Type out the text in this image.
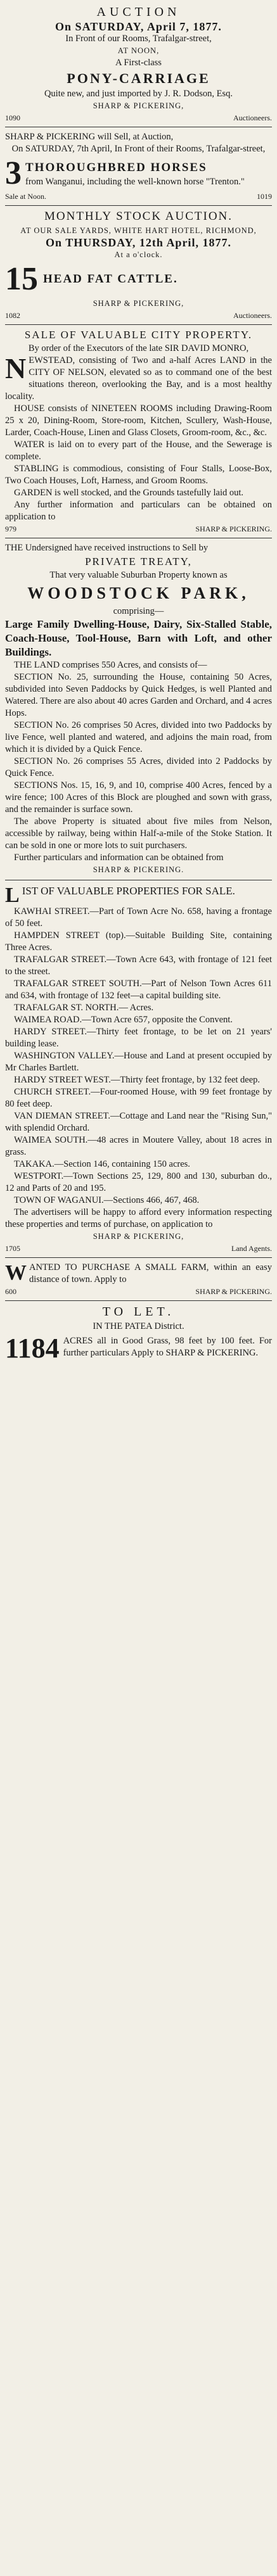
AUCTION

On SATURDAY, April 7, 1877.

In Front of our Rooms, Trafalgar-street,

AT NOON,

A First-class

PONY-CARRIAGE

Quite new, and just imported by J. R. Dodson, Esq.

SHARP & PICKERING,

1090	Auctioneers.

SHARP & PICKERING will Sell, at Auction,

On SATURDAY, 7th April, In Front of their Rooms, Trafalgar-street,

3 THOROUGHBRED HORSES

from Wanganui, including the well-known horse "Trenton."

Sale at Noon.	1019
MONTHLY STOCK AUCTION.

AT OUR SALE YARDS, WHITE HART HOTEL, RICHMOND,

On THURSDAY, 12th April, 1877.

At a o'clock.

15 HEAD FAT CATTLE.

SHARP & PICKERING,

1082	Auctioneers.
SALE OF VALUABLE CITY PROPERTY.

By order of the Executors of the late SIR DAVID MONRO,

NEWSTEAD, consisting of Two and a-half Acres LAND in the CITY OF NELSON, elevated so as to command one of the best situations thereon, overlooking the Bay, and is a most healthy locality.

HOUSE consists of NINETEEN ROOMS including Drawing-Room 25 x 20, Dining-Room, Store-room, Kitchen, Scullery, Wash-House, Larder, Coach-House, Linen and Glass Closets, Groom-room, &c., &c.

WATER is laid on to every part of the House, and the Sewerage is complete.

STABLING is commodious, consisting of Four Stalls, Loose-Box, Two Coach Houses, Loft, Harness, and Groom Rooms.

GARDEN is well stocked, and the Grounds tastefully laid out.

Any further information and particulars can be obtained on application to

979	SHARP & PICKERING.

THE Undersigned have received instructions to Sell by

PRIVATE TREATY,

That very valuable Suburban Property known as

WOODSTOCK PARK,

comprising—

Large Family Dwelling-House, Dairy, Six-Stalled Stable, Coach-House, Tool-House, Barn with Loft, and other Buildings.

THE LAND comprises 550 Acres, and consists of—

SECTION No. 25, surrounding the House, containing 50 Acres, subdivided into Seven Paddocks by Quick Hedges, is well Planted and Watered. There are also about 40 acres Garden and Orchard, and 4 acres Hops.

SECTION No. 26 comprises 50 Acres, divided into two Paddocks by live Fence, well planted and watered, and adjoins the main road, from which it is divided by a Quick Fence.

SECTION No. 26 comprises 55 Acres, divided into 2 Paddocks by Quick Fence.

SECTIONS Nos. 15, 16, 9, and 10, comprise 400 Acres, fenced by a wire fence; 100 Acres of this Block are ploughed and sown with grass, and the remainder is surface sown.

The above Property is situated about five miles from Nelson, accessible by railway, being within Half-a-mile of the Stoke Station. It can be sold in one or more lots to suit purchasers.

Further particulars and information can be obtained from

SHARP & PICKERING.

LIST OF VALUABLE PROPERTIES FOR SALE.

KAWHAI STREET.—Part of Town Acre No. 658, having a frontage of 50 feet.

HAMPDEN STREET (top).—Suitable Building Site, containing Three Acres.

TRAFALGAR STREET.—Town Acre 643, with frontage of 121 feet to the street.

TRAFALGAR STREET SOUTH.—Part of Nelson Town Acres 611 and 634, with frontage of 132 feet—a capital building site.

TRAFALGAR ST. NORTH.— Acres.

WAIMEA ROAD.—Town Acre 657, opposite the Convent.

HARDY STREET.—Thirty feet frontage, to be let on 21 years' building lease.

WASHINGTON VALLEY.—House and Land at present occupied by Mr Charles Bartlett.

HARDY STREET WEST.—Thirty feet frontage, by 132 feet deep.

CHURCH STREET.—Four-roomed House, with 99 feet frontage by 80 feet deep.

VAN DIEMAN STREET.—Cottage and Land near the "Rising Sun," with splendid Orchard.

WAIMEA SOUTH.—48 acres in Moutere Valley, about 18 acres in grass.

TAKAKA.—Section 146, containing 150 acres.

WESTPORT.—Town Sections 25, 129, 800 and 130, suburban do., 12 and Parts of 20 and 195.

TOWN OF WAGANUI.—Sections 466, 467, 468.

The advertisers will be happy to afford every information respecting these properties and terms of purchase, on application to

SHARP & PICKERING,

1705	Land Agents.

WANTED TO PURCHASE A SMALL FARM, within an easy distance of town. Apply to

600	SHARP & PICKERING.
TO LET.

IN THE PATEA District.

1184 ACRES all in Good Grass, 98 feet by 100 feet. For further particulars Apply to SHARP & PICKERING.
